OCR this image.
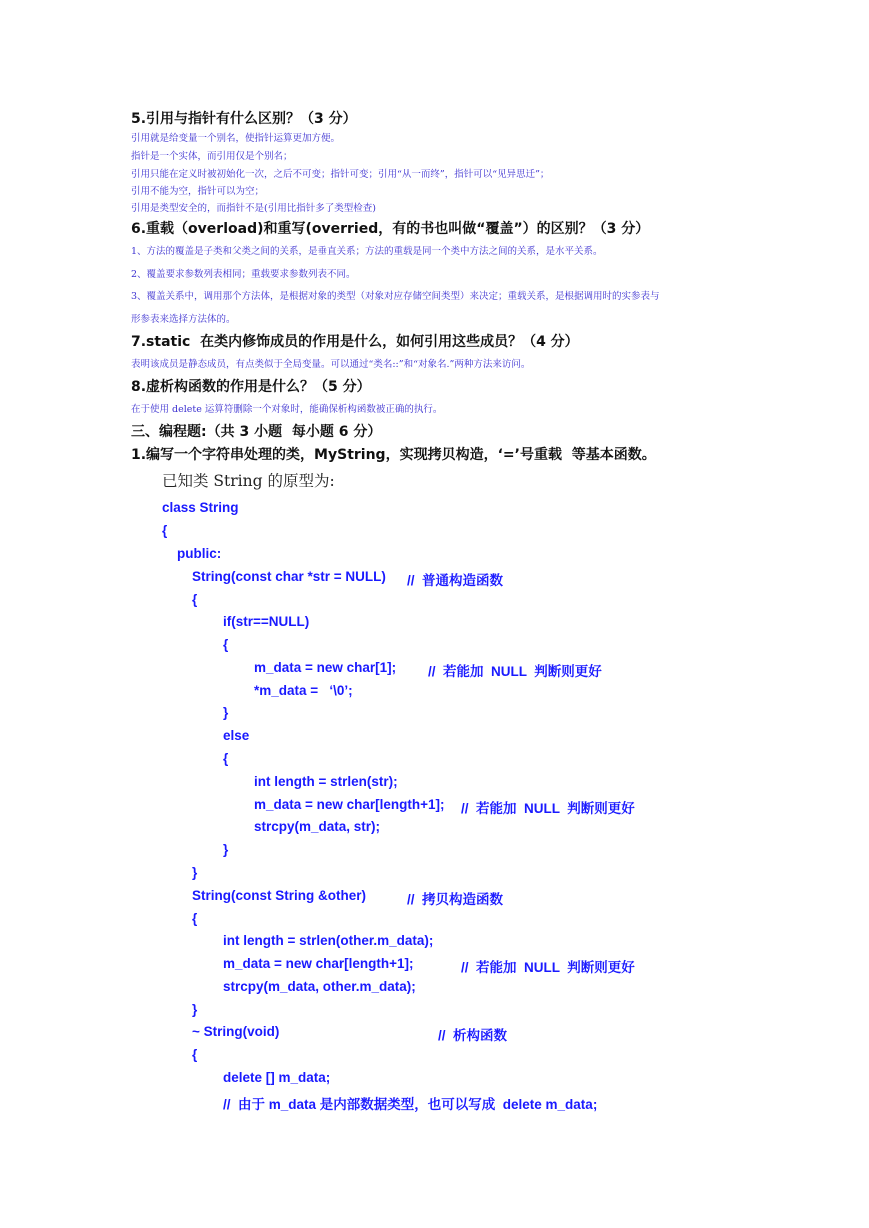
5.引用与指针有什么区别？（3 分）
引用就是给变量一个别名，使指针运算更加方便。
指针是一个实体，而引用仅是个别名；
引用只能在定义时被初始化一次，之后不可变；指针可变；引用“从一而终”，指针可以“见异思迁”；
引用不能为空，指针可以为空；
引用是类型安全的，而指针不是(引用比指针多了类型检查)
6.重载（overload)和重写(overried，有的书也叫做“覆盖”）的区别？（3 分）
1、方法的覆盖是子类和父类之间的关系，是垂直关系；方法的重载是同一个类中方法之间的关系，是水平关系。
2、覆盖要求参数列表相同；重载要求参数列表不同。
3、覆盖关系中，调用那个方法体，是根据对象的类型（对象对应存储空间类型）来决定；重载关系，是根据调用时的实参表与
形参表来选择方法体的。
7.static  在类内修饰成员的作用是什么，如何引用这些成员？（4 分）
表明该成员是静态成员，有点类似于全局变量。可以通过“类名::”和“对象名.”两种方法来访问。
8.虚析构函数的作用是什么？（5 分）
在于使用 delete 运算符删除一个对象时，能确保析构函数被正确的执行。
三、编程题:（共 3 小题  每小题 6 分）
1.编写一个字符串处理的类，MyString，实现拷贝构造，‘=’号重载  等基本函数。
已知类 String 的原型为:
class String
{
public:
String(const char *str = NULL) //  普通构造函数
{
if(str==NULL)
{
m_data = new char[1]; //  若能加  NULL  判断则更好
*m_data =   ‘\0’;
}
else
{
int length = strlen(str);
m_data = new char[length+1]; //  若能加  NULL  判断则更好
strcpy(m_data, str);
}
}
String(const String &other)	//  拷贝构造函数
{
int length = strlen(other.m_data);
m_data = new char[length+1];	//  若能加  NULL  判断则更好
strcpy(m_data, other.m_data);
}
~ String(void)	//  析构函数
{
delete [] m_data;
//  由于 m_data 是内部数据类型，也可以写成  delete m_data;
